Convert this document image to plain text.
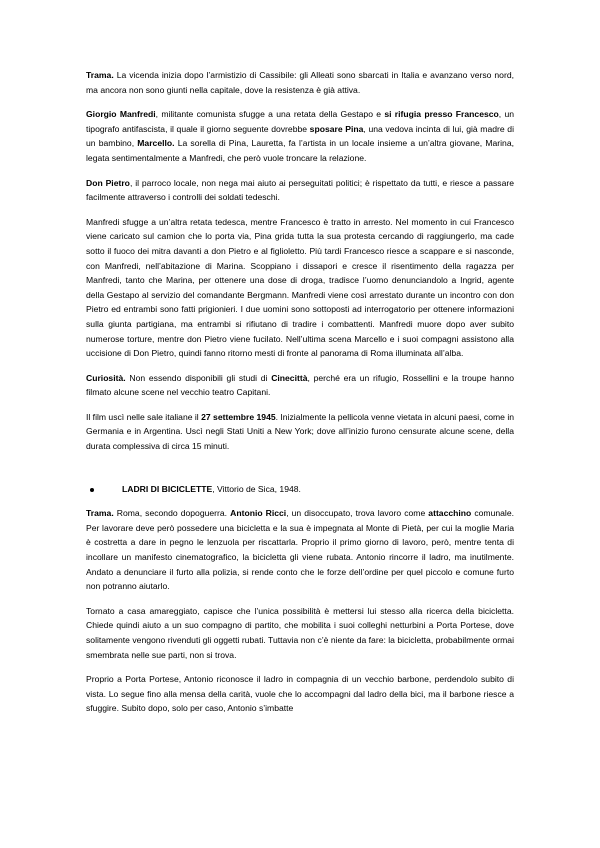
Trama. La vicenda inizia dopo l’armistizio di Cassibile: gli Alleati sono sbarcati in Italia e avanzano verso nord, ma ancora non sono giunti nella capitale, dove la resistenza è già attiva.

Giorgio Manfredi, militante comunista sfugge a una retata della Gestapo e si rifugia presso Francesco, un tipografo antifascista, il quale il giorno seguente dovrebbe sposare Pina, una vedova incinta di lui, già madre di un bambino, Marcello. La sorella di Pina, Lauretta, fa l’artista in un locale insieme a un’altra giovane, Marina, legata sentimentalmente a Manfredi, che però vuole troncare la relazione.

Don Pietro, il parroco locale, non nega mai aiuto ai perseguitati politici; è rispettato da tutti, e riesce a passare facilmente attraverso i controlli dei soldati tedeschi.

Manfredi sfugge a un’altra retata tedesca, mentre Francesco è tratto in arresto. Nel momento in cui Francesco viene caricato sul camion che lo porta via, Pina grida tutta la sua protesta cercando di raggiungerlo, ma cade sotto il fuoco dei mitra davanti a don Pietro e al figlioletto. Più tardi Francesco riesce a scappare e si nasconde, con Manfredi, nell’abitazione di Marina. Scoppiano i dissapori e cresce il risentimento della ragazza per Manfredi, tanto che Marina, per ottenere una dose di droga, tradisce l’uomo denunciandolo a Ingrid, agente della Gestapo al servizio del comandante Bergmann. Manfredi viene così arrestato durante un incontro con don Pietro ed entrambi sono fatti prigionieri. I due uomini sono sottoposti ad interrogatorio per ottenere informazioni sulla giunta partigiana, ma entrambi si rifiutano di tradire i combattenti. Manfredi muore dopo aver subito numerose torture, mentre don Pietro viene fucilato. Nell’ultima scena Marcello e i suoi compagni assistono alla uccisione di Don Pietro, quindi fanno ritorno mesti di fronte al panorama di Roma illuminata all’alba.

Curiosità. Non essendo disponibili gli studi di Cinecittà, perché era un rifugio, Rossellini e la troupe hanno filmato alcune scene nel vecchio teatro Capitani.

Il film uscì nelle sale italiane il 27 settembre 1945. Inizialmente la pellicola venne vietata in alcuni paesi, come in Germania e in Argentina. Uscì negli Stati Uniti a New York; dove all’inizio furono censurate alcune scene, della durata complessiva di circa 15 minuti.

LADRI DI BICICLETTE, Vittorio de Sica, 1948.

Trama. Roma, secondo dopoguerra. Antonio Ricci, un disoccupato, trova lavoro come attacchino comunale. Per lavorare deve però possedere una bicicletta e la sua è impegnata al Monte di Pietà, per cui la moglie Maria è costretta a dare in pegno le lenzuola per riscattarla. Proprio il primo giorno di lavoro, però, mentre tenta di incollare un manifesto cinematografico, la bicicletta gli viene rubata. Antonio rincorre il ladro, ma inutilmente. Andato a denunciare il furto alla polizia, si rende conto che le forze dell’ordine per quel piccolo e comune furto non potranno aiutarlo.

Tornato a casa amareggiato, capisce che l’unica possibilità è mettersi lui stesso alla ricerca della bicicletta. Chiede quindi aiuto a un suo compagno di partito, che mobilita i suoi colleghi netturbini a Porta Portese, dove solitamente vengono rivenduti gli oggetti rubati. Tuttavia non c’è niente da fare: la bicicletta, probabilmente ormai smembrata nelle sue parti, non si trova.

Proprio a Porta Portese, Antonio riconosce il ladro in compagnia di un vecchio barbone, perdendolo subito di vista. Lo segue fino alla mensa della carità, vuole che lo accompagni dal ladro della bici, ma il barbone riesce a sfuggire. Subito dopo, solo per caso, Antonio s’imbatte
